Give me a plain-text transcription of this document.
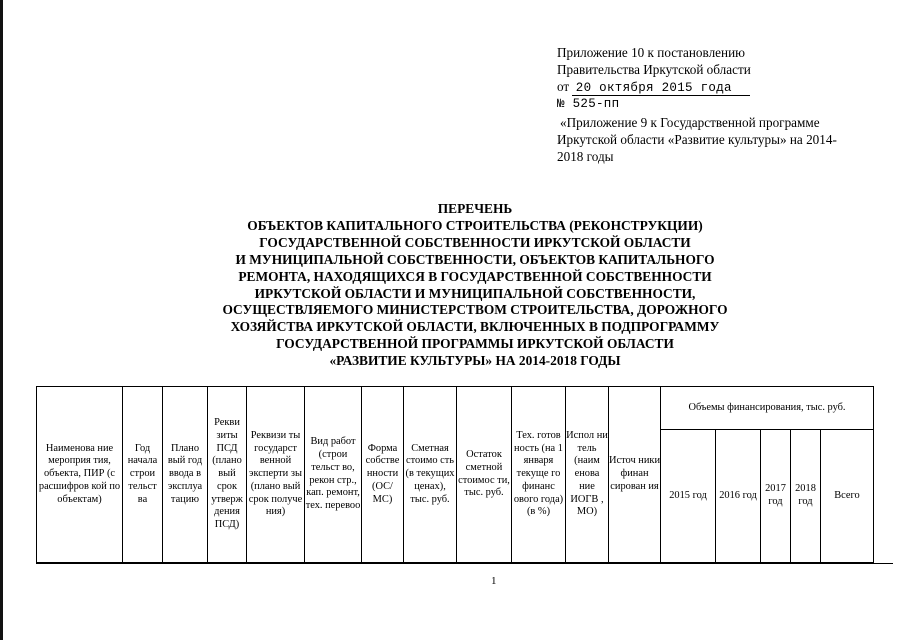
Приложение 10 к постановлению
Правительства Иркутской области
от 20 октября 2015 года
№ 525-пп
«Приложение 9 к Государственной программе
Иркутской области «Развитие культуры» на 2014-
2018 годы
ПЕРЕЧЕНЬ
ОБЪЕКТОВ КАПИТАЛЬНОГО СТРОИТЕЛЬСТВА (РЕКОНСТРУКЦИИ)
ГОСУДАРСТВЕННОЙ СОБСТВЕННОСТИ ИРКУТСКОЙ ОБЛАСТИ
И МУНИЦИПАЛЬНОЙ СОБСТВЕННОСТИ, ОБЪЕКТОВ КАПИТАЛЬНОГО
РЕМОНТА, НАХОДЯЩИХСЯ В ГОСУДАРСТВЕННОЙ СОБСТВЕННОСТИ
ИРКУТСКОЙ ОБЛАСТИ И МУНИЦИПАЛЬНОЙ СОБСТВЕННОСТИ,
ОСУЩЕСТВЛЯЕМОГО МИНИСТЕРСТВОМ СТРОИТЕЛЬСТВА, ДОРОЖНОГО
ХОЗЯЙСТВА ИРКУТСКОЙ ОБЛАСТИ, ВКЛЮЧЕННЫХ В ПОДПРОГРАММУ
ГОСУДАРСТВЕННОЙ ПРОГРАММЫ ИРКУТСКОЙ ОБЛАСТИ
«РАЗВИТИЕ КУЛЬТУРЫ» НА 2014-2018 ГОДЫ
Наименова ние мероприя тия, объекта, ПИР (с расшифров кой по объектам)	Год начала строи тельст ва	Плано вый год ввода в эксплуа тацию	Рекви зиты ПСД (плано вый срок утверж дения ПСД)	Реквизи ты государст венной эксперти зы (плано вый срок получе ния)	Вид работ (строи тельст во, рекон стр., кап. ремонт, тех. перевоо	Форма собстве нности (ОС/ МС)	Сметная стоимо сть (в текущих ценах), тыс. руб.	Остаток сметной стоимос ти, тыс. руб.	Тех. готов ность (на 1 января текуще го финанс ового года) (в %)	Испол ни тель (наим енова ние ИОГВ , МО)	Источ ники финан сирован ия	Объемы финансирования, тыс. руб.				
												2015 год	2016 год	2017 год	2018 год	Всего
1
